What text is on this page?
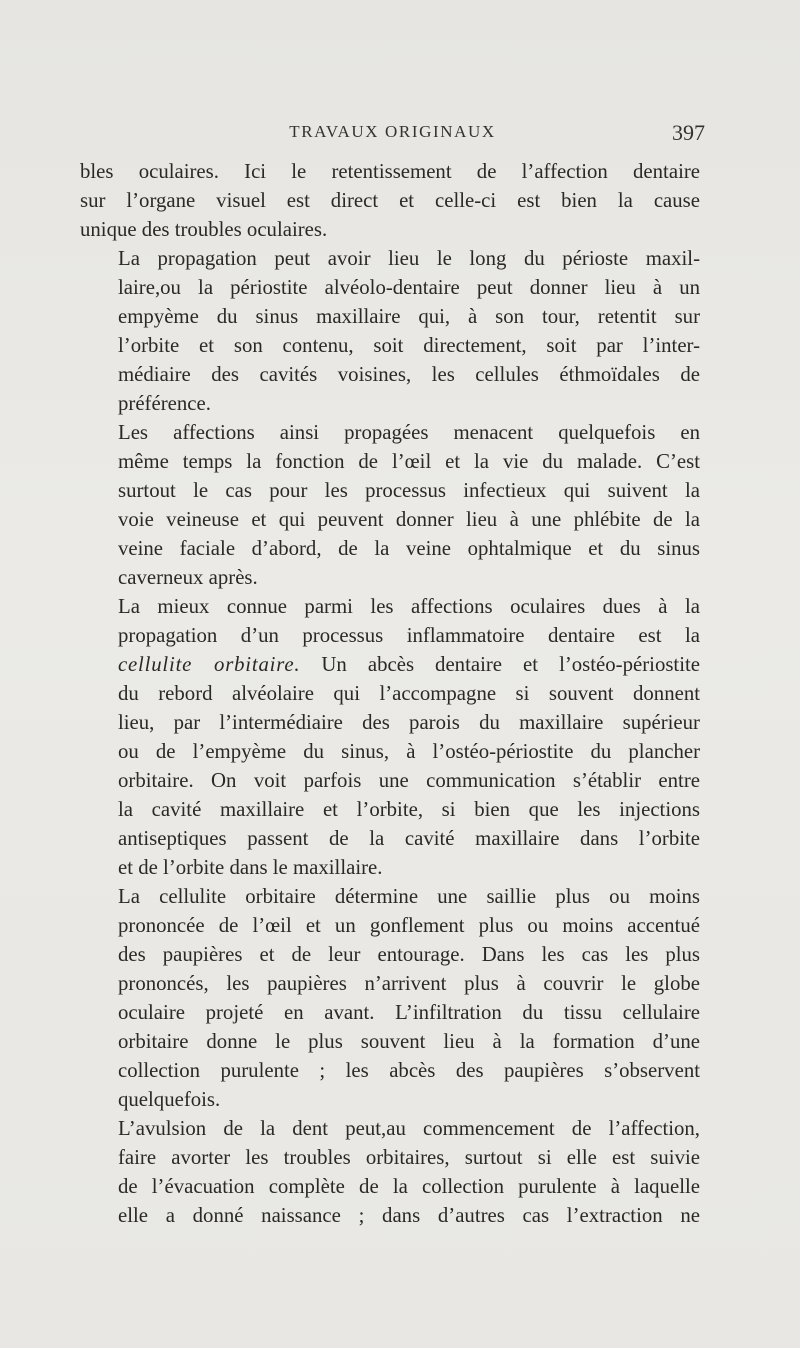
TRAVAUX ORIGINAUX	397

bles oculaires. Ici le retentissement de l’affection dentaire
sur l’organe visuel est direct et celle-ci est bien la cause
unique des troubles oculaires.

La propagation peut avoir lieu le long du périoste maxil-
laire,ou la périostite alvéolo-dentaire peut donner lieu à un
empyème du sinus maxillaire qui, à son tour, retentit sur
l’orbite et son contenu, soit directement, soit par l’inter-
médiaire des cavités voisines, les cellules éthmoïdales de
préférence.

Les affections ainsi propagées menacent quelquefois en
même temps la fonction de l’œil et la vie du malade. C’est
surtout le cas pour les processus infectieux qui suivent la
voie veineuse et qui peuvent donner lieu à une phlébite de la
veine faciale d’abord, de la veine ophtalmique et du sinus
caverneux après.

La mieux connue parmi les affections oculaires dues à la
propagation d’un processus inflammatoire dentaire est la
cellulite orbitaire. Un abcès dentaire et l’ostéo-périostite
du rebord alvéolaire qui l’accompagne si souvent donnent
lieu, par l’intermédiaire des parois du maxillaire supérieur
ou de l’empyème du sinus, à l’ostéo-périostite du plancher
orbitaire. On voit parfois une communication s’établir entre
la cavité maxillaire et l’orbite, si bien que les injections
antiseptiques passent de la cavité maxillaire dans l’orbite
et de l’orbite dans le maxillaire.

La cellulite orbitaire détermine une saillie plus ou moins
prononcée de l’œil et un gonflement plus ou moins accentué
des paupières et de leur entourage. Dans les cas les plus
prononcés, les paupières n’arrivent plus à couvrir le globe
oculaire projeté en avant. L’infiltration du tissu cellulaire
orbitaire donne le plus souvent lieu à la formation d’une
collection purulente ; les abcès des paupières s’observent
quelquefois.

L’avulsion de la dent peut,au commencement de l’affection,
faire avorter les troubles orbitaires, surtout si elle est suivie
de l’évacuation complète de la collection purulente à laquelle
elle a donné naissance ; dans d’autres cas l’extraction ne
